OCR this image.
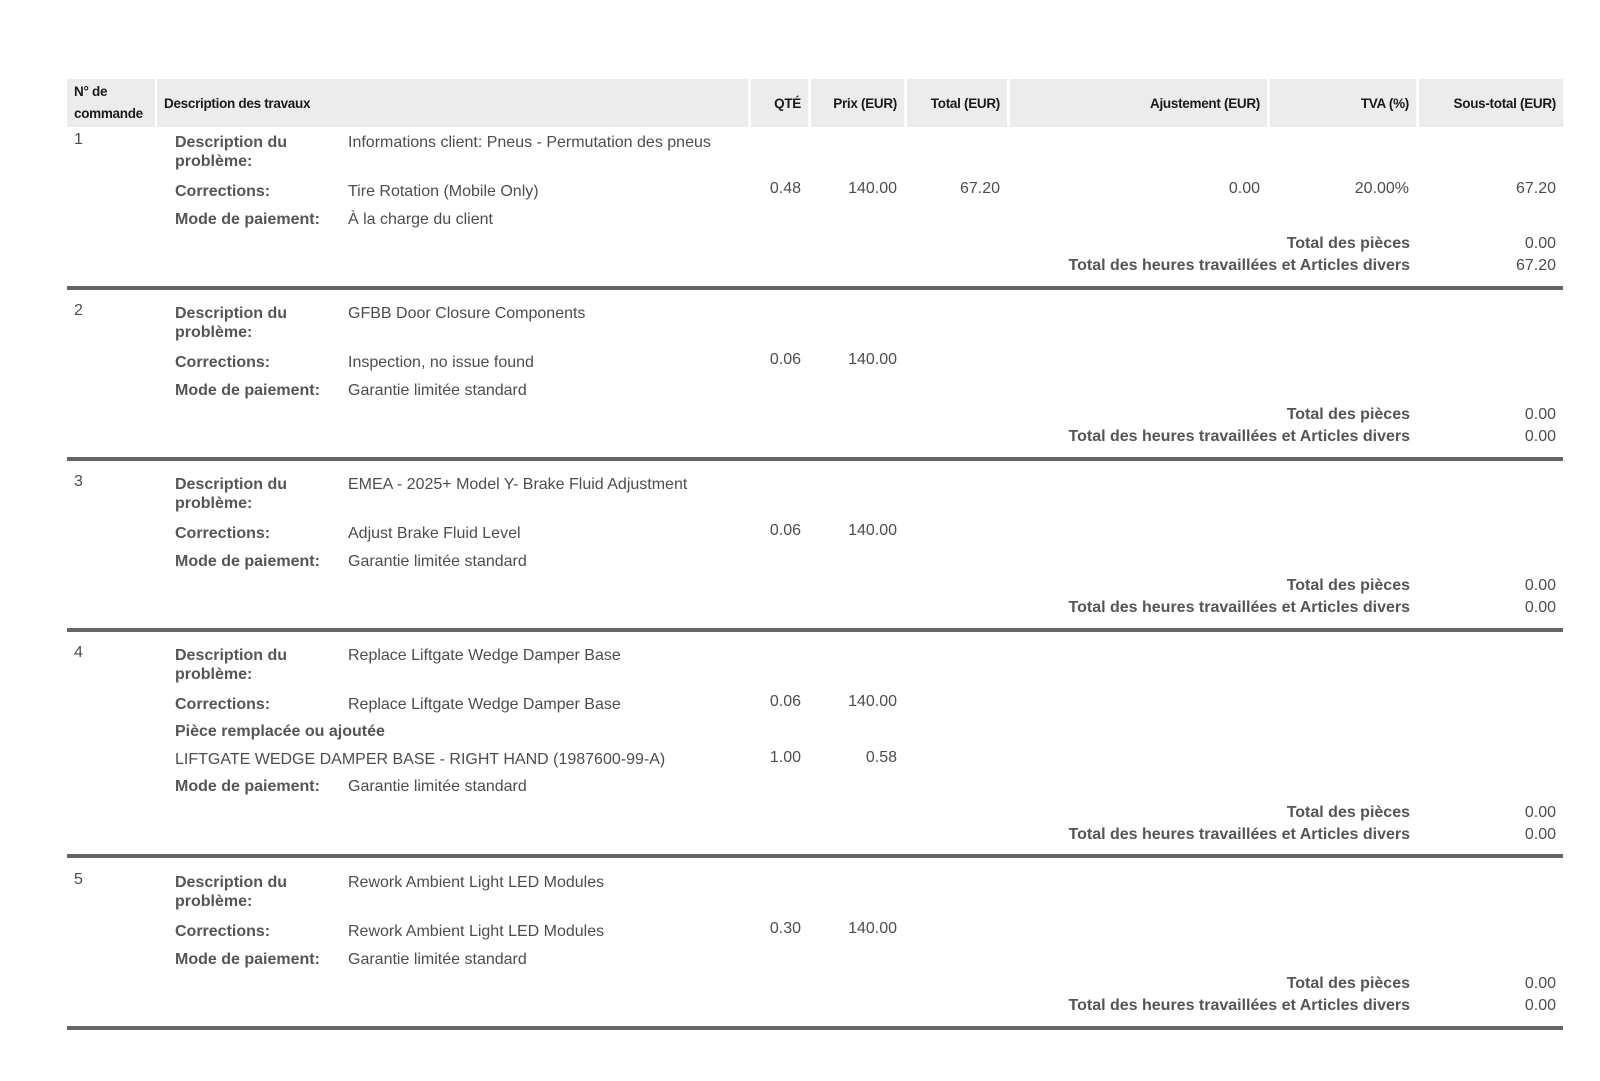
N° de
commande
Description des travaux	QTÉ	Prix (EUR)	Total (EUR)	Ajustement (EUR)	TVA (%)	Sous-total (EUR)
1	Description du
problème:
Informations client: Pneus - Permutation des pneus
Corrections:	Tire Rotation (Mobile Only)	0.48	140.00	67.20	0.00	20.00%	67.20
Mode de paiement: À la charge du client
Total des pièces	0.00
Total des heures travaillées et Articles divers	67.20
2	Description du
problème:
GFBB Door Closure Components
Corrections:	Inspection, no issue found	0.06	140.00
Mode de paiement: Garantie limitée standard
Total des pièces	0.00
Total des heures travaillées et Articles divers	0.00
3	Description du
problème:
EMEA - 2025+ Model Y- Brake Fluid Adjustment
Corrections:	Adjust Brake Fluid Level	0.06	140.00
Mode de paiement: Garantie limitée standard
Total des pièces	0.00
Total des heures travaillées et Articles divers	0.00
4	Description du
problème:
Replace Liftgate Wedge Damper Base
Corrections:	Replace Liftgate Wedge Damper Base	0.06	140.00
Pièce remplacée ou ajoutée
LIFTGATE WEDGE DAMPER BASE - RIGHT HAND (1987600-99-A)	1.00	0.58
Mode de paiement: Garantie limitée standard
Total des pièces	0.00
Total des heures travaillées et Articles divers	0.00
5	Description du
problème:
Rework Ambient Light LED Modules
Corrections:	Rework Ambient Light LED Modules	0.30	140.00
Mode de paiement: Garantie limitée standard
Total des pièces	0.00
Total des heures travaillées et Articles divers	0.00
